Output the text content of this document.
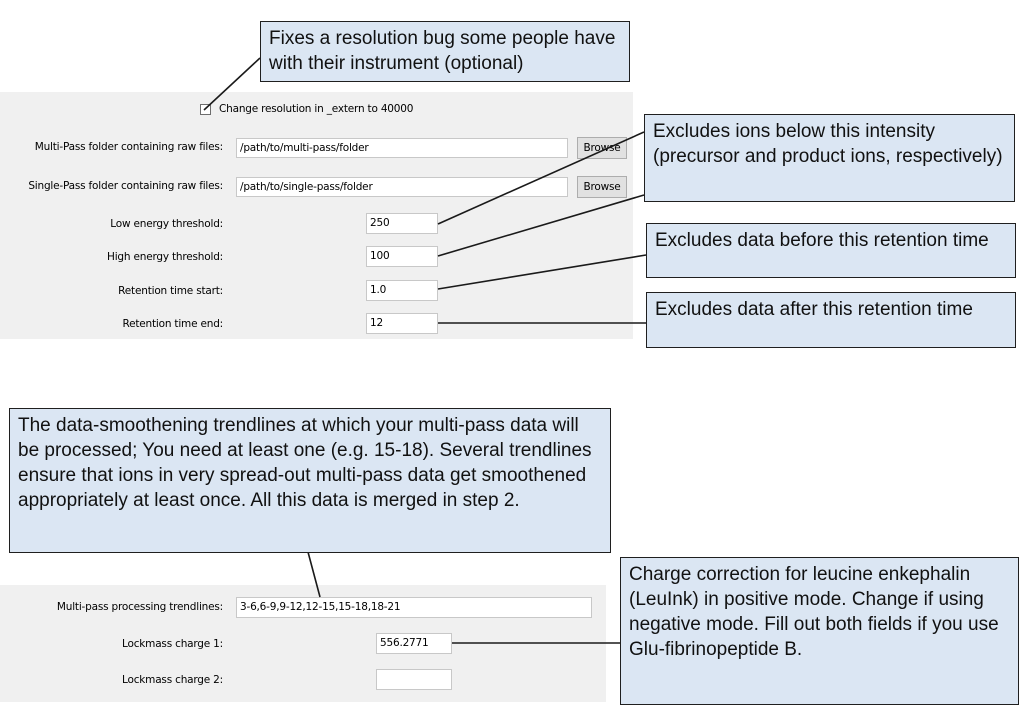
Change resolution in _extern to 40000
Multi-Pass folder containing raw files:	/path/to/multi-pass/folder	Browse
Single-Pass folder containing raw files:	/path/to/single-pass/folder	Browse
Low energy threshold:	250
High energy threshold:	100
Retention time start:	1.0
Retention time end:	12
Multi-pass processing trendlines:	3-6,6-9,9-12,12-15,15-18,18-21
Lockmass charge 1:	556.2771
Lockmass charge 2:
Fixes a resolution bug some people have with their instrument (optional)
Excludes ions below this intensity (precursor and product ions, respectively)
Excludes data before this retention time
Excludes data after this retention time
The data-smoothening trendlines at which your multi-pass data will be processed; You need at least one (e.g. 15-18). Several trendlines ensure that ions in very spread-out multi-pass data get smoothened appropriately at least once. All this data is merged in step 2.
Charge correction for leucine enkephalin (LeuInk) in positive mode. Change if using negative mode. Fill out both fields if you use Glu-fibrinopeptide B.
